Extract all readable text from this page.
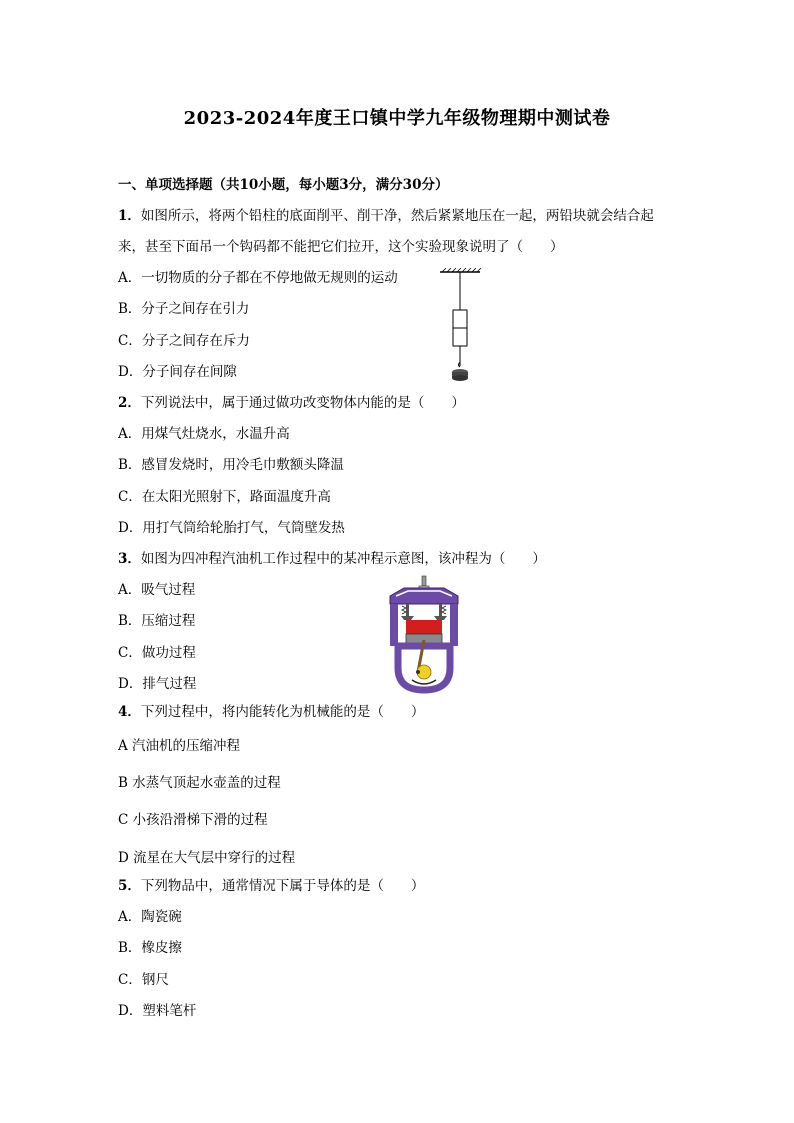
2023-2024年度王口镇中学九年级物理期中测试卷
一、单项选择题（共10小题，每小题3分，满分30分）
1．如图所示，将两个铅柱的底面削平、削干净，然后紧紧地压在一起，两铅块就会结合起
来，甚至下面吊一个钩码都不能把它们拉开，这个实验现象说明了（　　）
A．一切物质的分子都在不停地做无规则的运动
B．分子之间存在引力
C．分子之间存在斥力
D．分子间存在间隙
2．下列说法中，属于通过做功改变物体内能的是（　　）
A．用煤气灶烧水，水温升高
B．感冒发烧时，用冷毛巾敷额头降温
C．在太阳光照射下，路面温度升高
D．用打气筒给轮胎打气，气筒壁发热
3．如图为四冲程汽油机工作过程中的某冲程示意图，该冲程为（　　）
A．吸气过程
B．压缩过程
C．做功过程
D．排气过程
4．下列过程中，将内能转化为机械能的是（　　）
A 汽油机的压缩冲程
B 水蒸气顶起水壶盖的过程
C 小孩沿滑梯下滑的过程
D 流星在大气层中穿行的过程
5．下列物品中，通常情况下属于导体的是（　　）
A．陶瓷碗
B．橡皮擦
C．钢尺
D．塑料笔杆
